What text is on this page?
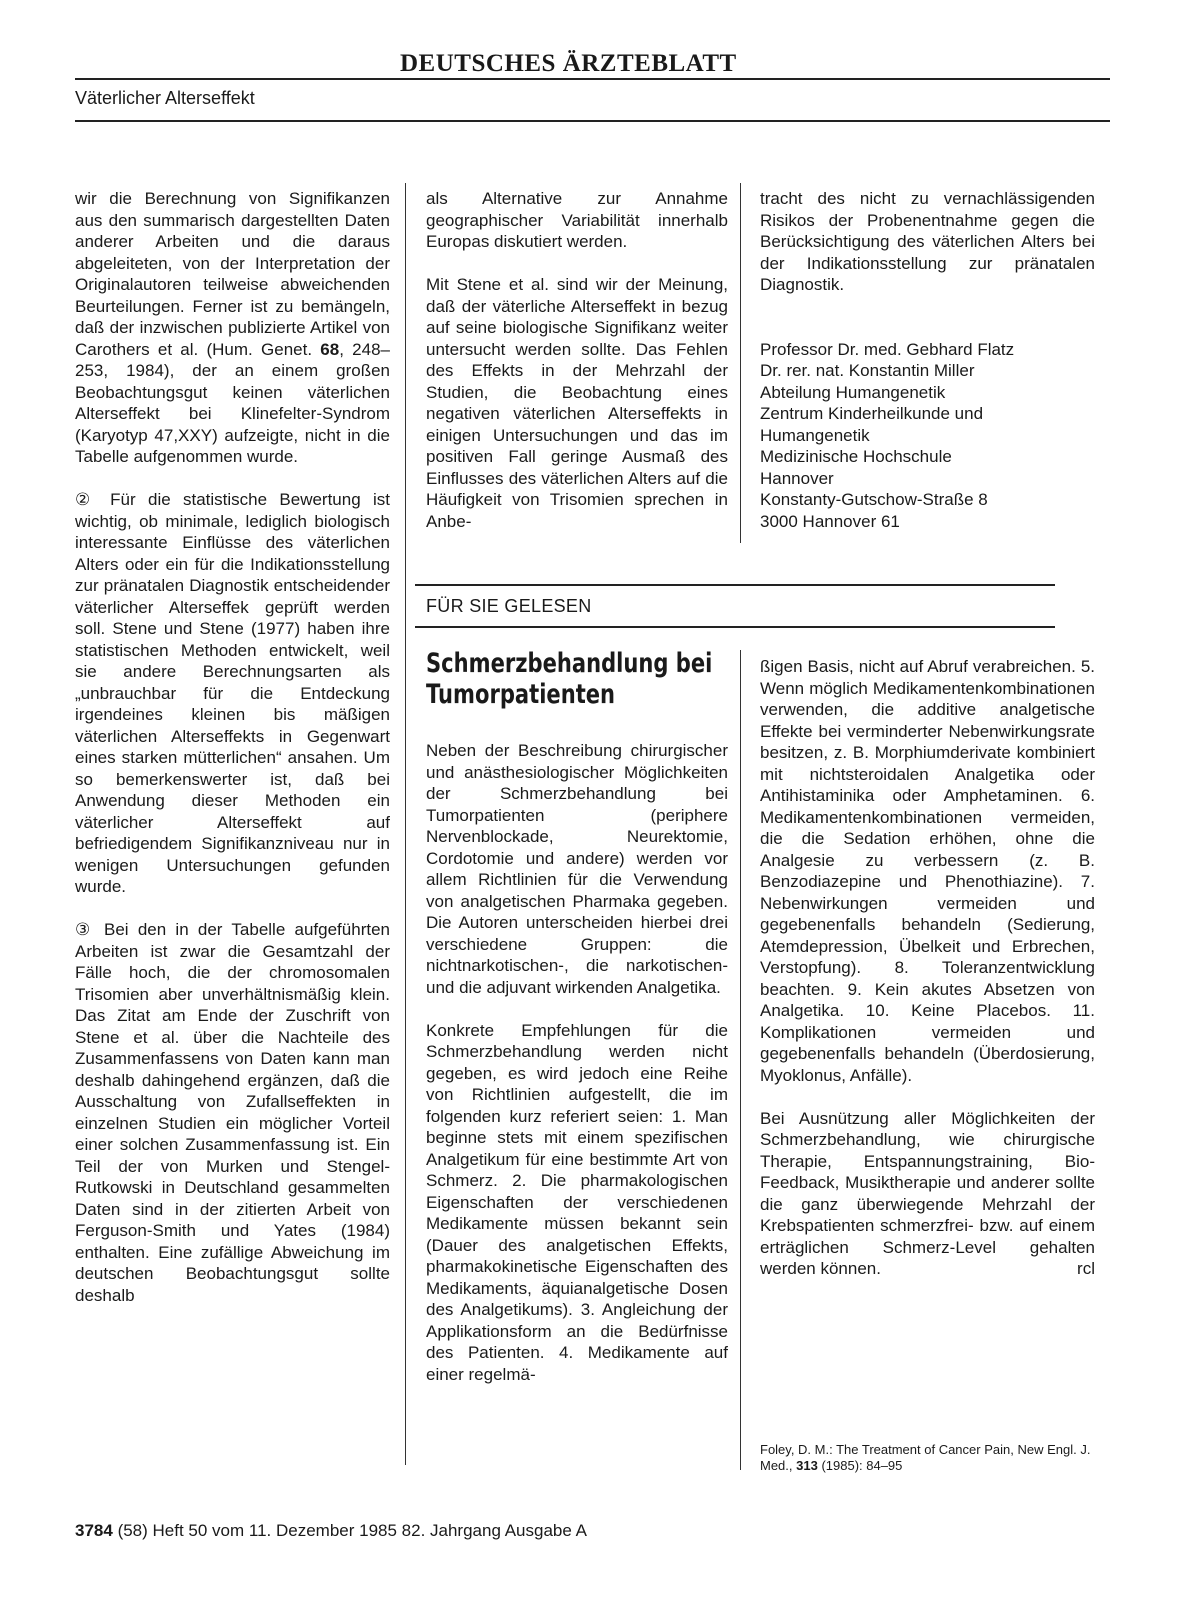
DEUTSCHES ÄRZTEBLATT
Väterlicher Alterseffekt

wir die Berechnung von Signifikanzen aus den summarisch dargestellten Daten anderer Arbeiten und die daraus abgeleiteten, von der Interpretation der Originalautoren teilweise abweichenden Beurteilungen. Ferner ist zu bemängeln, daß der inzwischen publizierte Artikel von Carothers et al. (Hum. Genet. 68, 248–253, 1984), der an einem großen Beobachtungsgut keinen väterlichen Alterseffekt bei Klinefelter-Syndrom (Karyotyp 47,XXY) aufzeigte, nicht in die Tabelle aufgenommen wurde.

② Für die statistische Bewertung ist wichtig, ob minimale, lediglich biologisch interessante Einflüsse des väterlichen Alters oder ein für die Indikationsstellung zur pränatalen Diagnostik entscheidender väterlicher Alterseffek geprüft werden soll. Stene und Stene (1977) haben ihre statistischen Methoden entwickelt, weil sie andere Berechnungsarten als „unbrauchbar für die Entdeckung irgendeines kleinen bis mäßigen väterlichen Alterseffekts in Gegenwart eines starken mütterlichen“ ansahen. Um so bemerkenswerter ist, daß bei Anwendung dieser Methoden ein väterlicher Alterseffekt auf befriedigendem Signifikanzniveau nur in wenigen Untersuchungen gefunden wurde.

③ Bei den in der Tabelle aufgeführten Arbeiten ist zwar die Gesamtzahl der Fälle hoch, die der chromosomalen Trisomien aber unverhältnismäßig klein. Das Zitat am Ende der Zuschrift von Stene et al. über die Nachteile des Zusammenfassens von Daten kann man deshalb dahingehend ergänzen, daß die Ausschaltung von Zufallseffekten in einzelnen Studien ein möglicher Vorteil einer solchen Zusammenfassung ist. Ein Teil der von Murken und Stengel-Rutkowski in Deutschland gesammelten Daten sind in der zitierten Arbeit von Ferguson-Smith und Yates (1984) enthalten. Eine zufällige Abweichung im deutschen Beobachtungsgut sollte deshalb

als Alternative zur Annahme geographischer Variabilität innerhalb Europas diskutiert werden.

Mit Stene et al. sind wir der Meinung, daß der väterliche Alterseffekt in bezug auf seine biologische Signifikanz weiter untersucht werden sollte. Das Fehlen des Effekts in der Mehrzahl der Studien, die Beobachtung eines negativen väterlichen Alterseffekts in einigen Untersuchungen und das im positiven Fall geringe Ausmaß des Einflusses des väterlichen Alters auf die Häufigkeit von Trisomien sprechen in Anbe-

tracht des nicht zu vernachlässigenden Risikos der Probenentnahme gegen die Berücksichtigung des väterlichen Alters bei der Indikationsstellung zur pränatalen Diagnostik.

Professor Dr. med. Gebhard Flatz
Dr. rer. nat. Konstantin Miller
Abteilung Humangenetik
Zentrum Kinderheilkunde und Humangenetik
Medizinische Hochschule
Hannover
Konstanty-Gutschow-Straße 8
3000 Hannover 61
FÜR SIE GELESEN
Schmerzbehandlung bei Tumorpatienten

Neben der Beschreibung chirurgischer und anästhesiologischer Möglichkeiten der Schmerzbehandlung bei Tumorpatienten (periphere Nervenblockade, Neurektomie, Cordotomie und andere) werden vor allem Richtlinien für die Verwendung von analgetischen Pharmaka gegeben. Die Autoren unterscheiden hierbei drei verschiedene Gruppen: die nichtnarkotischen-, die narkotischen- und die adjuvant wirkenden Analgetika.

Konkrete Empfehlungen für die Schmerzbehandlung werden nicht gegeben, es wird jedoch eine Reihe von Richtlinien aufgestellt, die im folgenden kurz referiert seien: 1. Man beginne stets mit einem spezifischen Analgetikum für eine bestimmte Art von Schmerz. 2. Die pharmakologischen Eigenschaften der verschiedenen Medikamente müssen bekannt sein (Dauer des analgetischen Effekts, pharmakokinetische Eigenschaften des Medikaments, äquianalgetische Dosen des Analgetikums). 3. Angleichung der Applikationsform an die Bedürfnisse des Patienten. 4. Medikamente auf einer regelmä-

ßigen Basis, nicht auf Abruf verabreichen. 5. Wenn möglich Medikamentenkombinationen verwenden, die additive analgetische Effekte bei verminderter Nebenwirkungsrate besitzen, z. B. Morphiumderivate kombiniert mit nichtsteroidalen Analgetika oder Antihistaminika oder Amphetaminen. 6. Medikamentenkombinationen vermeiden, die die Sedation erhöhen, ohne die Analgesie zu verbessern (z. B. Benzodiazepine und Phenothiazine). 7. Nebenwirkungen vermeiden und gegebenenfalls behandeln (Sedierung, Atemdepression, Übelkeit und Erbrechen, Verstopfung). 8. Toleranzentwicklung beachten. 9. Kein akutes Absetzen von Analgetika. 10. Keine Placebos. 11. Komplikationen vermeiden und gegebenenfalls behandeln (Überdosierung, Myoklonus, Anfälle).

Bei Ausnützung aller Möglichkeiten der Schmerzbehandlung, wie chirurgische Therapie, Entspannungstraining, Bio-Feedback, Musiktherapie und anderer sollte die ganz überwiegende Mehrzahl der Krebspatienten schmerzfrei- bzw. auf einem erträglichen Schmerz-Level gehalten werden können.	rcl

Foley, D. M.: The Treatment of Cancer Pain, New Engl. J. Med., 313 (1985): 84–95
3784 (58) Heft 50 vom 11. Dezember 1985 82. Jahrgang Ausgabe A
